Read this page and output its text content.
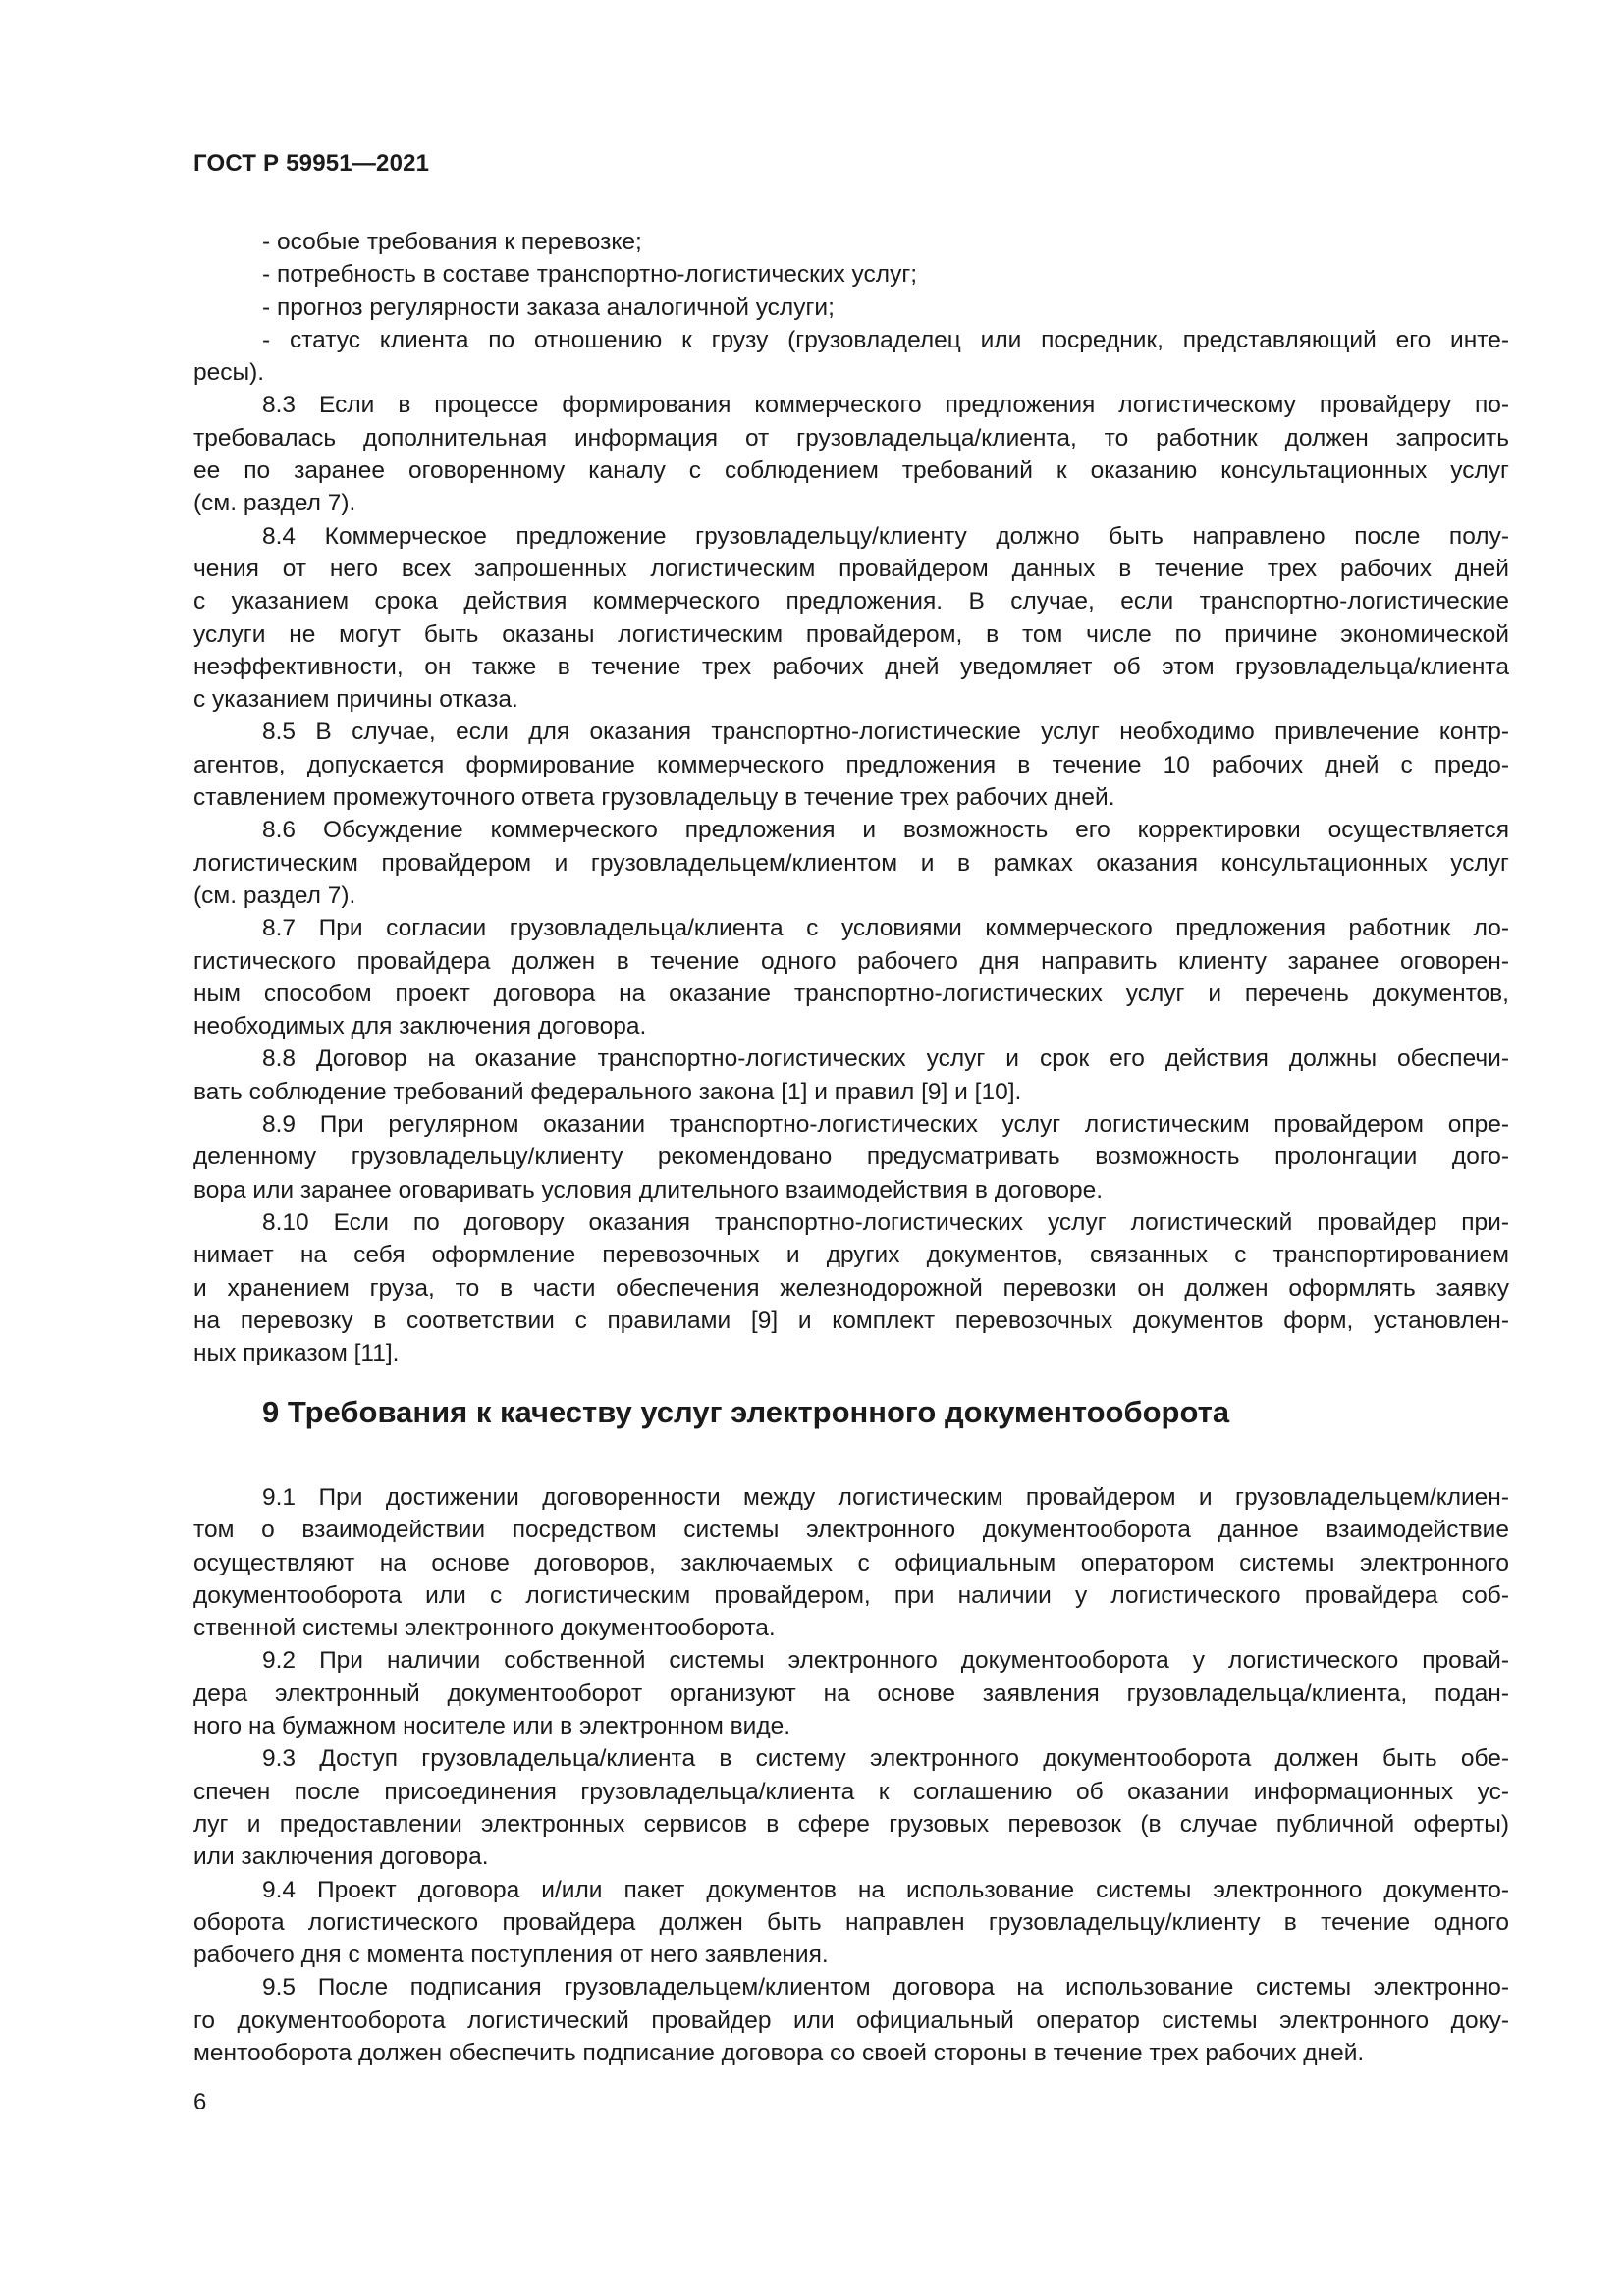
ГОСТ Р 59951—2021
- особые требования к перевозке;
- потребность в составе транспортно-логистических услуг;
- прогноз регулярности заказа аналогичной услуги;
- статус клиента по отношению к грузу (грузовладелец или посредник, представляющий его инте-
ресы).
8.3 Если в процессе формирования коммерческого предложения логистическому провайдеру по-
требовалась дополнительная информация от грузовладельца/клиента, то работник должен запросить
ее по заранее оговоренному каналу с соблюдением требований к оказанию консультационных услуг
(см. раздел 7).
8.4 Коммерческое предложение грузовладельцу/клиенту должно быть направлено после полу-
чения от него всех запрошенных логистическим провайдером данных в течение трех рабочих дней
с указанием срока действия коммерческого предложения. В случае, если транспортно-логистические
услуги не могут быть оказаны логистическим провайдером, в том числе по причине экономической
неэффективности, он также в течение трех рабочих дней уведомляет об этом грузовладельца/клиента
с указанием причины отказа.
8.5 В случае, если для оказания транспортно-логистические услуг необходимо привлечение контр-
агентов, допускается формирование коммерческого предложения в течение 10 рабочих дней с предо-
ставлением промежуточного ответа грузовладельцу в течение трех рабочих дней.
8.6 Обсуждение коммерческого предложения и возможность его корректировки осуществляется
логистическим провайдером и грузовладельцем/клиентом и в рамках оказания консультационных услуг
(см. раздел 7).
8.7 При согласии грузовладельца/клиента с условиями коммерческого предложения работник ло-
гистического провайдера должен в течение одного рабочего дня направить клиенту заранее оговорен-
ным способом проект договора на оказание транспортно-логистических услуг и перечень документов,
необходимых для заключения договора.
8.8 Договор на оказание транспортно-логистических услуг и срок его действия должны обеспечи-
вать соблюдение требований федерального закона [1] и правил [9] и [10].
8.9 При регулярном оказании транспортно-логистических услуг логистическим провайдером опре-
деленному грузовладельцу/клиенту рекомендовано предусматривать возможность пролонгации дого-
вора или заранее оговаривать условия длительного взаимодействия в договоре.
8.10 Если по договору оказания транспортно-логистических услуг логистический провайдер при-
нимает на себя оформление перевозочных и других документов, связанных с транспортированием
и хранением груза, то в части обеспечения железнодорожной перевозки он должен оформлять заявку
на перевозку в соответствии с правилами [9] и комплект перевозочных документов форм, установлен-
ных приказом [11].
9 Требования к качеству услуг электронного документооборота
9.1 При достижении договоренности между логистическим провайдером и грузовладельцем/клиен-
том о взаимодействии посредством системы электронного документооборота данное взаимодействие
осуществляют на основе договоров, заключаемых с официальным оператором системы электронного
документооборота или с логистическим провайдером, при наличии у логистического провайдера соб-
ственной системы электронного документооборота.
9.2 При наличии собственной системы электронного документооборота у логистического провай-
дера электронный документооборот организуют на основе заявления грузовладельца/клиента, подан-
ного на бумажном носителе или в электронном виде.
9.3 Доступ грузовладельца/клиента в систему электронного документооборота должен быть обе-
спечен после присоединения грузовладельца/клиента к соглашению об оказании информационных ус-
луг и предоставлении электронных сервисов в сфере грузовых перевозок (в случае публичной оферты)
или заключения договора.
9.4 Проект договора и/или пакет документов на использование системы электронного документо-
оборота логистического провайдера должен быть направлен грузовладельцу/клиенту в течение одного
рабочего дня с момента поступления от него заявления.
9.5 После подписания грузовладельцем/клиентом договора на использование системы электронно-
го документооборота логистический провайдер или официальный оператор системы электронного доку-
ментооборота должен обеспечить подписание договора со своей стороны в течение трех рабочих дней.
6
